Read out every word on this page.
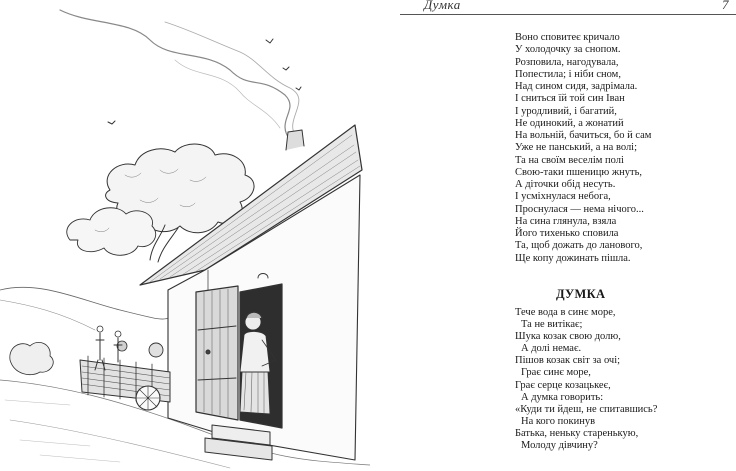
Думка	7
Воно сповитеє кричало
У холодочку за снопом.
Розповила, нагодувала,
Попестила; і ніби сном,
Над сином сидя, задрімала.
І сниться їй той син Іван
І уродливий, і багатий,
Не одинокий, а жонатий
На вольній, бачиться, бо й сам
Уже не панський, а на волі;
Та на своїм веселім полі
Свою-таки пшеницю жнуть,
А діточки обід несуть.
І усміхнулася небога,
Проснулася — нема нічого...
На сина глянула, взяла
Його тихенько сповила
Та, щоб дожать до ланового,
Ще копу дожинать пішла.
ДУМКА
Тече вода в синє море,
Та не витікає;
Шука козак свою долю,
А долі немає.
Пішов козак світ за очі;
Грає синє море,
Грає серце козацькеє,
А думка говорить:
«Куди ти йдеш, не спитавшись?
На кого покинув
Батька, неньку старенькую,
Молоду дівчину?
